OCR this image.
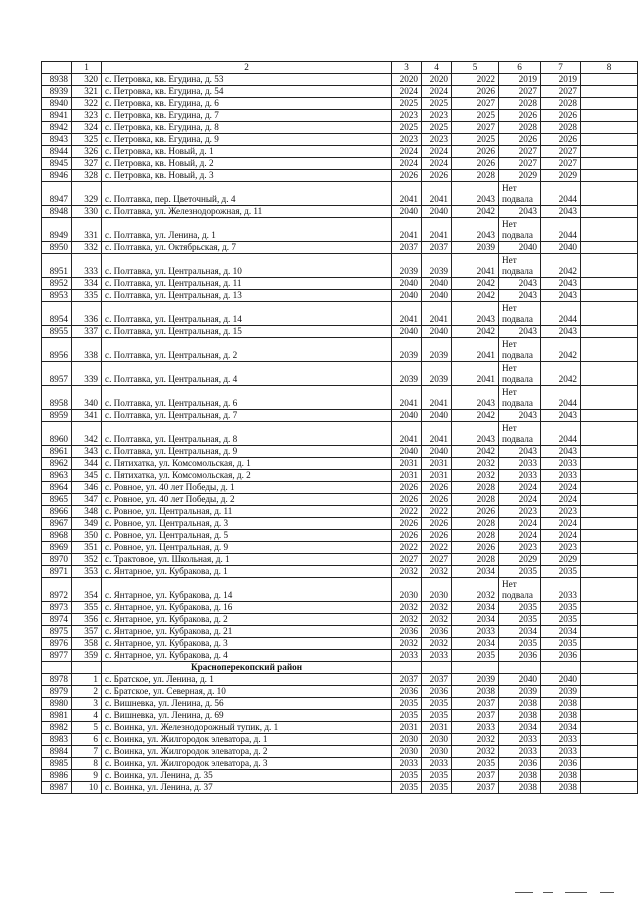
	1	2	3	4	5	6	7	8
8938	320	с. Петровка, кв. Егудина, д. 53	2020	2020	2022	2019	2019	
8939	321	с. Петровка, кв. Егудина, д. 54	2024	2024	2026	2027	2027	
8940	322	с. Петровка, кв. Егудина, д. 6	2025	2025	2027	2028	2028	
8941	323	с. Петровка, кв. Егудина, д. 7	2023	2023	2025	2026	2026	
8942	324	с. Петровка, кв. Егудина, д. 8	2025	2025	2027	2028	2028	
8943	325	с. Петровка, кв. Егудина, д. 9	2023	2023	2025	2026	2026	
8944	326	с. Петровка, кв. Новый, д. 1	2024	2024	2026	2027	2027	
8945	327	с. Петровка, кв. Новый, д. 2	2024	2024	2026	2027	2027	
8946	328	с. Петровка, кв. Новый, д. 3	2026	2026	2028	2029	2029	
8947	329	с. Полтавка, пер. Цветочный, д. 4	2041	2041	2043	Нет подвала	2044	
8948	330	с. Полтавка, ул. Железнодорожная, д. 11	2040	2040	2042	2043	2043	
8949	331	с. Полтавка, ул. Ленина, д. 1	2041	2041	2043	Нет подвала	2044	
8950	332	с. Полтавка, ул. Октябрьская, д. 7	2037	2037	2039	2040	2040	
8951	333	с. Полтавка, ул. Центральная, д. 10	2039	2039	2041	Нет подвала	2042	
8952	334	с. Полтавка, ул. Центральная, д. 11	2040	2040	2042	2043	2043	
8953	335	с. Полтавка, ул. Центральная, д. 13	2040	2040	2042	2043	2043	
8954	336	с. Полтавка, ул. Центральная, д. 14	2041	2041	2043	Нет подвала	2044	
8955	337	с. Полтавка, ул. Центральная, д. 15	2040	2040	2042	2043	2043	
8956	338	с. Полтавка, ул. Центральная, д. 2	2039	2039	2041	Нет подвала	2042	
8957	339	с. Полтавка, ул. Центральная, д. 4	2039	2039	2041	Нет подвала	2042	
8958	340	с. Полтавка, ул. Центральная, д. 6	2041	2041	2043	Нет подвала	2044	
8959	341	с. Полтавка, ул. Центральная, д. 7	2040	2040	2042	2043	2043	
8960	342	с. Полтавка, ул. Центральная, д. 8	2041	2041	2043	Нет подвала	2044	
8961	343	с. Полтавка, ул. Центральная, д. 9	2040	2040	2042	2043	2043	
8962	344	с. Пятихатка, ул. Комсомольская, д. 1	2031	2031	2032	2033	2033	
8963	345	с. Пятихатка, ул. Комсомольская, д. 2	2031	2031	2032	2033	2033	
8964	346	с. Ровное, ул. 40 лет Победы, д. 1	2026	2026	2028	2024	2024	
8965	347	с. Ровное, ул. 40 лет Победы, д. 2	2026	2026	2028	2024	2024	
8966	348	с. Ровное, ул. Центральная, д. 11	2022	2022	2026	2023	2023	
8967	349	с. Ровное, ул. Центральная, д. 3	2026	2026	2028	2024	2024	
8968	350	с. Ровное, ул. Центральная, д. 5	2026	2026	2028	2024	2024	
8969	351	с. Ровное, ул. Центральная, д. 9	2022	2022	2026	2023	2023	
8970	352	с. Трактовое, ул. Школьная, д. 1	2027	2027	2028	2029	2029	
8971	353	с. Янтарное, ул. Кубракова, д. 1	2032	2032	2034	2035	2035	
8972	354	с. Янтарное, ул. Кубракова, д. 14	2030	2030	2032	Нет подвала	2033	
8973	355	с. Янтарное, ул. Кубракова, д. 16	2032	2032	2034	2035	2035	
8974	356	с. Янтарное, ул. Кубракова, д. 2	2032	2032	2034	2035	2035	
8975	357	с. Янтарное, ул. Кубракова, д. 21	2036	2036	2033	2034	2034	
8976	358	с. Янтарное, ул. Кубракова, д. 3	2032	2032	2034	2035	2035	
8977	359	с. Янтарное, ул. Кубракова, д. 4	2033	2033	2035	2036	2036	
		Красноперекопский район						
8978	1	с. Братское, ул. Ленина, д. 1	2037	2037	2039	2040	2040	
8979	2	с. Братское, ул. Северная, д. 10	2036	2036	2038	2039	2039	
8980	3	с. Вишневка, ул. Ленина, д. 56	2035	2035	2037	2038	2038	
8981	4	с. Вишневка, ул. Ленина, д. 69	2035	2035	2037	2038	2038	
8982	5	с. Воинка, ул. Железнодорожный тупик, д. 1	2031	2031	2033	2034	2034	
8983	6	с. Воинка, ул. Жилгородок элеватора, д. 1	2030	2030	2032	2033	2033	
8984	7	с. Воинка, ул. Жилгородок элеватора, д. 2	2030	2030	2032	2033	2033	
8985	8	с. Воинка, ул. Жилгородок элеватора, д. 3	2033	2033	2035	2036	2036	
8986	9	с. Воинка, ул. Ленина, д. 35	2035	2035	2037	2038	2038	
8987	10	с. Воинка, ул. Ленина, д. 37	2035	2035	2037	2038	2038	
